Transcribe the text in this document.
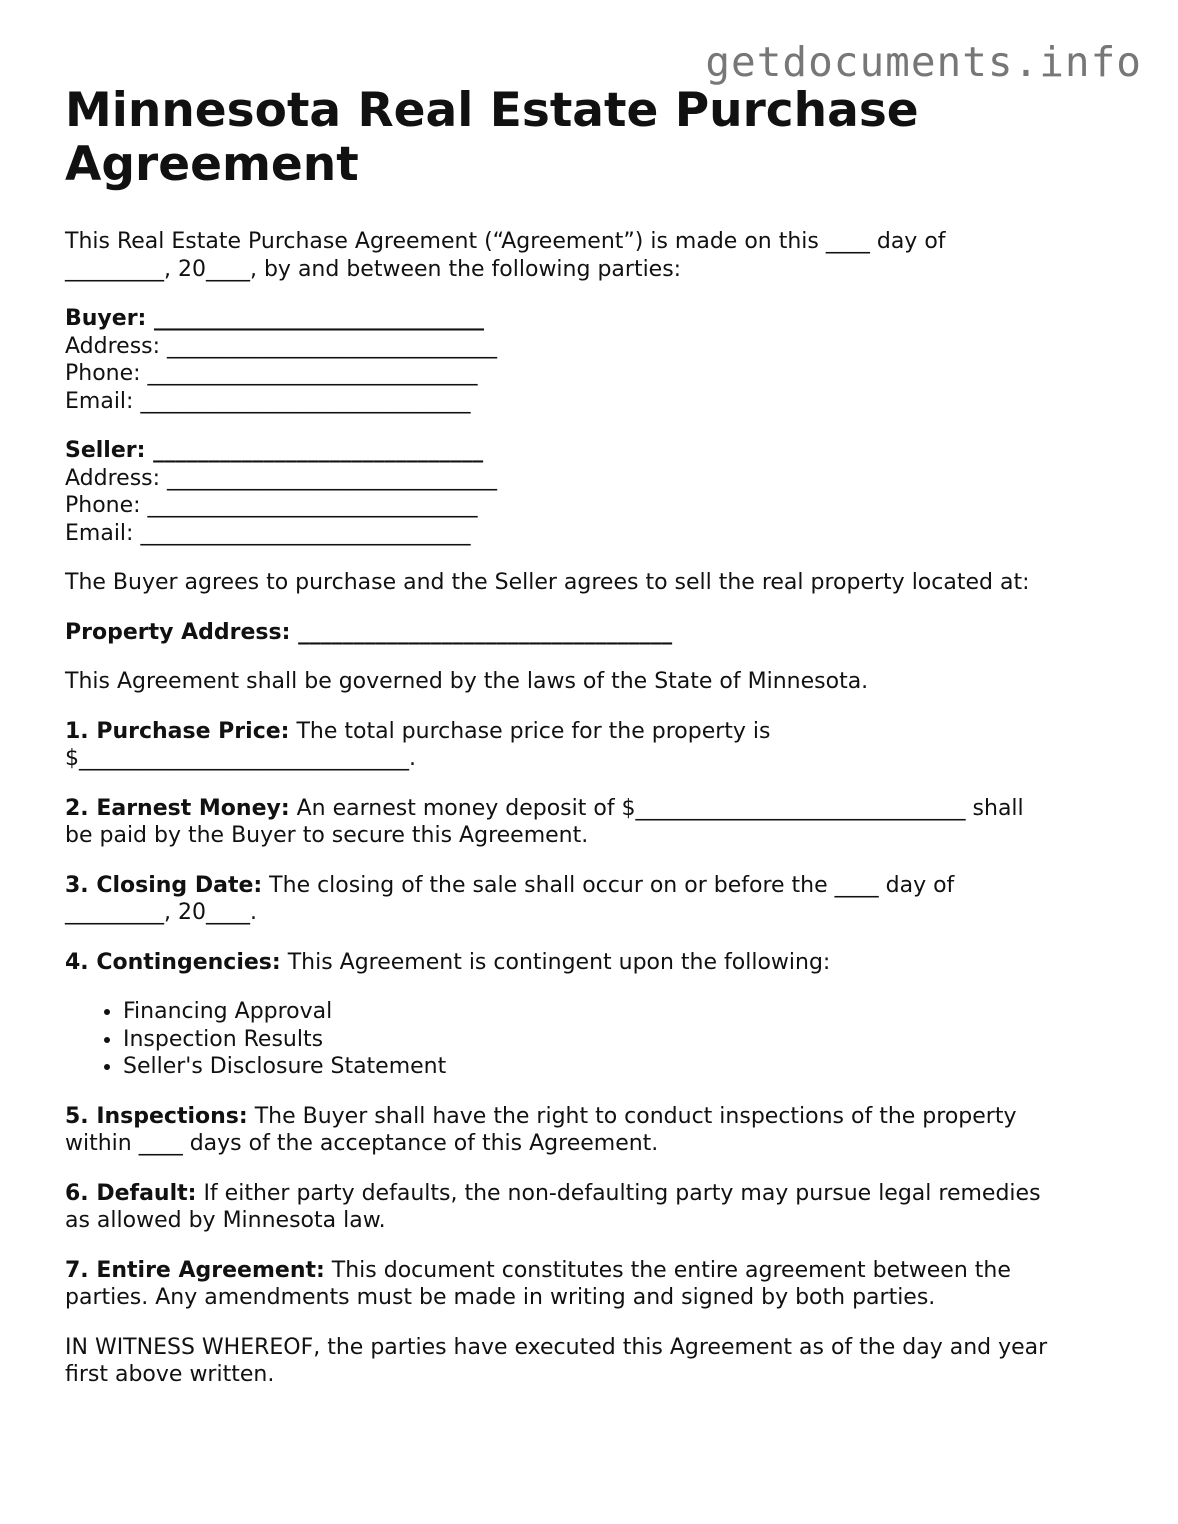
getdocuments.info
Minnesota Real Estate Purchase Agreement
This Real Estate Purchase Agreement (“Agreement”) is made on this ____ day of
_________, 20____, by and between the following parties:
Buyer: ______________________________
Address: ______________________________
Phone: ______________________________
Email: ______________________________
Seller: ______________________________
Address: ______________________________
Phone: ______________________________
Email: ______________________________
The Buyer agrees to purchase and the Seller agrees to sell the real property located at:
Property Address: __________________________________
This Agreement shall be governed by the laws of the State of Minnesota.
1. Purchase Price: The total purchase price for the property is
$______________________________.
2. Earnest Money: An earnest money deposit of $______________________________ shall
be paid by the Buyer to secure this Agreement.
3. Closing Date: The closing of the sale shall occur on or before the ____ day of
_________, 20____.
4. Contingencies: This Agreement is contingent upon the following:
• Financing Approval
• Inspection Results
• Seller's Disclosure Statement
5. Inspections: The Buyer shall have the right to conduct inspections of the property
within ____ days of the acceptance of this Agreement.
6. Default: If either party defaults, the non-defaulting party may pursue legal remedies
as allowed by Minnesota law.
7. Entire Agreement: This document constitutes the entire agreement between the
parties. Any amendments must be made in writing and signed by both parties.
IN WITNESS WHEREOF, the parties have executed this Agreement as of the day and year
first above written.
